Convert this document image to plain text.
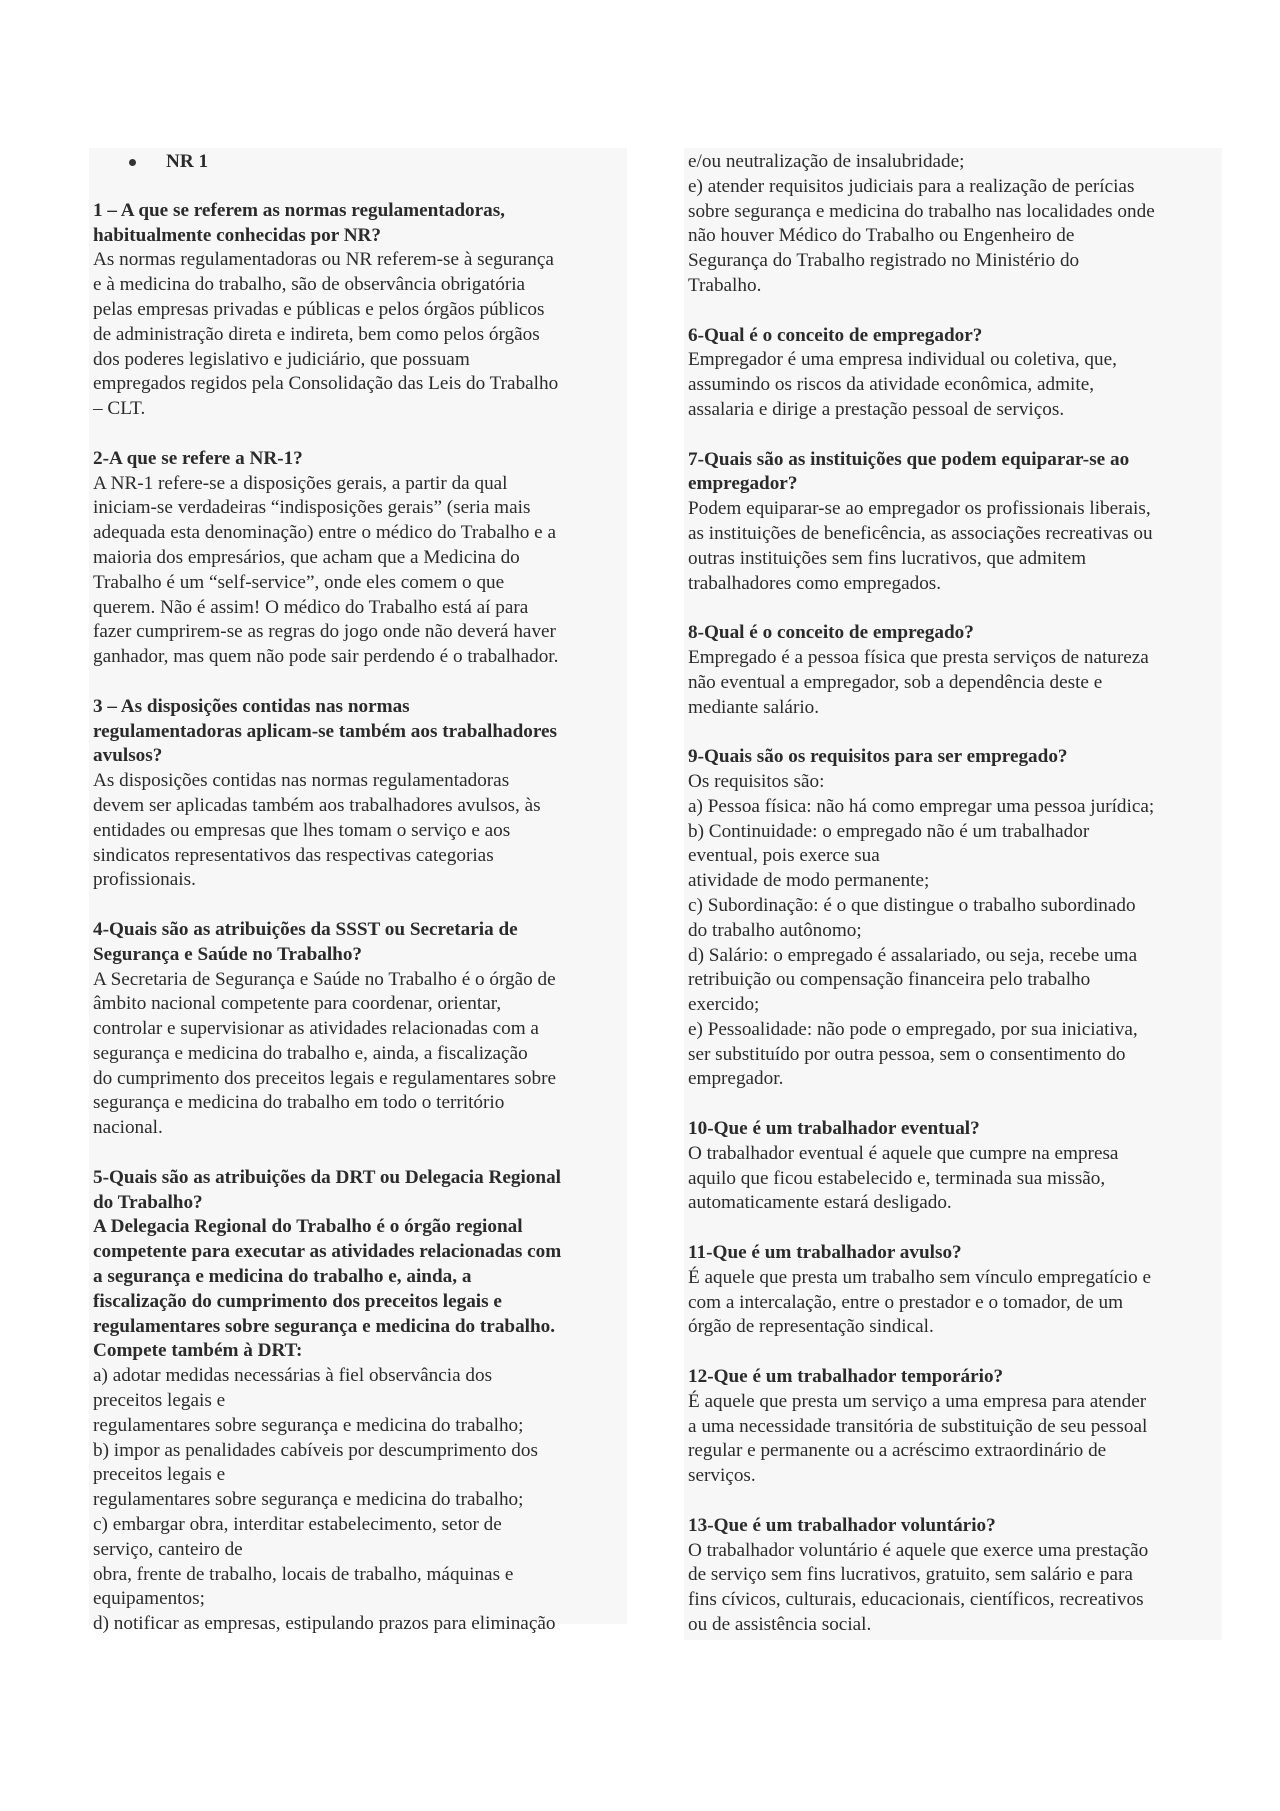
NR 1
1 – A que se referem as normas regulamentadoras,
habitualmente conhecidas por NR?
As normas regulamentadoras ou NR referem-se à segurança
e à medicina do trabalho, são de observância obrigatória
pelas empresas privadas e públicas e pelos órgãos públicos
de administração direta e indireta, bem como pelos órgãos
dos poderes legislativo e judiciário, que possuam
empregados regidos pela Consolidação das Leis do Trabalho
– CLT.
2-A que se refere a NR-1?
A NR-1 refere-se a disposições gerais, a partir da qual
iniciam-se verdadeiras “indisposições gerais” (seria mais
adequada esta denominação) entre o médico do Trabalho e a
maioria dos empresários, que acham que a Medicina do
Trabalho é um “self-service”, onde eles comem o que
querem. Não é assim! O médico do Trabalho está aí para
fazer cumprirem-se as regras do jogo onde não deverá haver
ganhador, mas quem não pode sair perdendo é o trabalhador.
3 – As disposições contidas nas normas
regulamentadoras aplicam-se também aos trabalhadores
avulsos?
As disposições contidas nas normas regulamentadoras
devem ser aplicadas também aos trabalhadores avulsos, às
entidades ou empresas que lhes tomam o serviço e aos
sindicatos representativos das respectivas categorias
profissionais.
4-Quais são as atribuições da SSST ou Secretaria de
Segurança e Saúde no Trabalho?
A Secretaria de Segurança e Saúde no Trabalho é o órgão de
âmbito nacional competente para coordenar, orientar,
controlar e supervisionar as atividades relacionadas com a
segurança e medicina do trabalho e, ainda, a fiscalização
do cumprimento dos preceitos legais e regulamentares sobre
segurança e medicina do trabalho em todo o território
nacional.
5-Quais são as atribuições da DRT ou Delegacia Regional
do Trabalho?
A Delegacia Regional do Trabalho é o órgão regional
competente para executar as atividades relacionadas com
a segurança e medicina do trabalho e, ainda, a
fiscalização do cumprimento dos preceitos legais e
regulamentares sobre segurança e medicina do trabalho.
Compete também à DRT:
a) adotar medidas necessárias à fiel observância dos
preceitos legais e
regulamentares sobre segurança e medicina do trabalho;
b) impor as penalidades cabíveis por descumprimento dos
preceitos legais e
regulamentares sobre segurança e medicina do trabalho;
c) embargar obra, interditar estabelecimento, setor de
serviço, canteiro de
obra, frente de trabalho, locais de trabalho, máquinas e
equipamentos;
d) notificar as empresas, estipulando prazos para eliminação
e/ou neutralização de insalubridade;
e) atender requisitos judiciais para a realização de perícias
sobre segurança e medicina do trabalho nas localidades onde
não houver Médico do Trabalho ou Engenheiro de
Segurança do Trabalho registrado no Ministério do
Trabalho.
6-Qual é o conceito de empregador?
Empregador é uma empresa individual ou coletiva, que,
assumindo os riscos da atividade econômica, admite,
assalaria e dirige a prestação pessoal de serviços.
7-Quais são as instituições que podem equiparar-se ao
empregador?
Podem equiparar-se ao empregador os profissionais liberais,
as instituições de beneficência, as associações recreativas ou
outras instituições sem fins lucrativos, que admitem
trabalhadores como empregados.
8-Qual é o conceito de empregado?
Empregado é a pessoa física que presta serviços de natureza
não eventual a empregador, sob a dependência deste e
mediante salário.
9-Quais são os requisitos para ser empregado?
Os requisitos são:
a) Pessoa física: não há como empregar uma pessoa jurídica;
b) Continuidade: o empregado não é um trabalhador
eventual, pois exerce sua
atividade de modo permanente;
c) Subordinação: é o que distingue o trabalho subordinado
do trabalho autônomo;
d) Salário: o empregado é assalariado, ou seja, recebe uma
retribuição ou compensação financeira pelo trabalho
exercido;
e) Pessoalidade: não pode o empregado, por sua iniciativa,
ser substituído por outra pessoa, sem o consentimento do
empregador.
10-Que é um trabalhador eventual?
O trabalhador eventual é aquele que cumpre na empresa
aquilo que ficou estabelecido e, terminada sua missão,
automaticamente estará desligado.
11-Que é um trabalhador avulso?
É aquele que presta um trabalho sem vínculo empregatício e
com a intercalação, entre o prestador e o tomador, de um
órgão de representação sindical.
12-Que é um trabalhador temporário?
É aquele que presta um serviço a uma empresa para atender
a uma necessidade transitória de substituição de seu pessoal
regular e permanente ou a acréscimo extraordinário de
serviços.
13-Que é um trabalhador voluntário?
O trabalhador voluntário é aquele que exerce uma prestação
de serviço sem fins lucrativos, gratuito, sem salário e para
fins cívicos, culturais, educacionais, científicos, recreativos
ou de assistência social.
